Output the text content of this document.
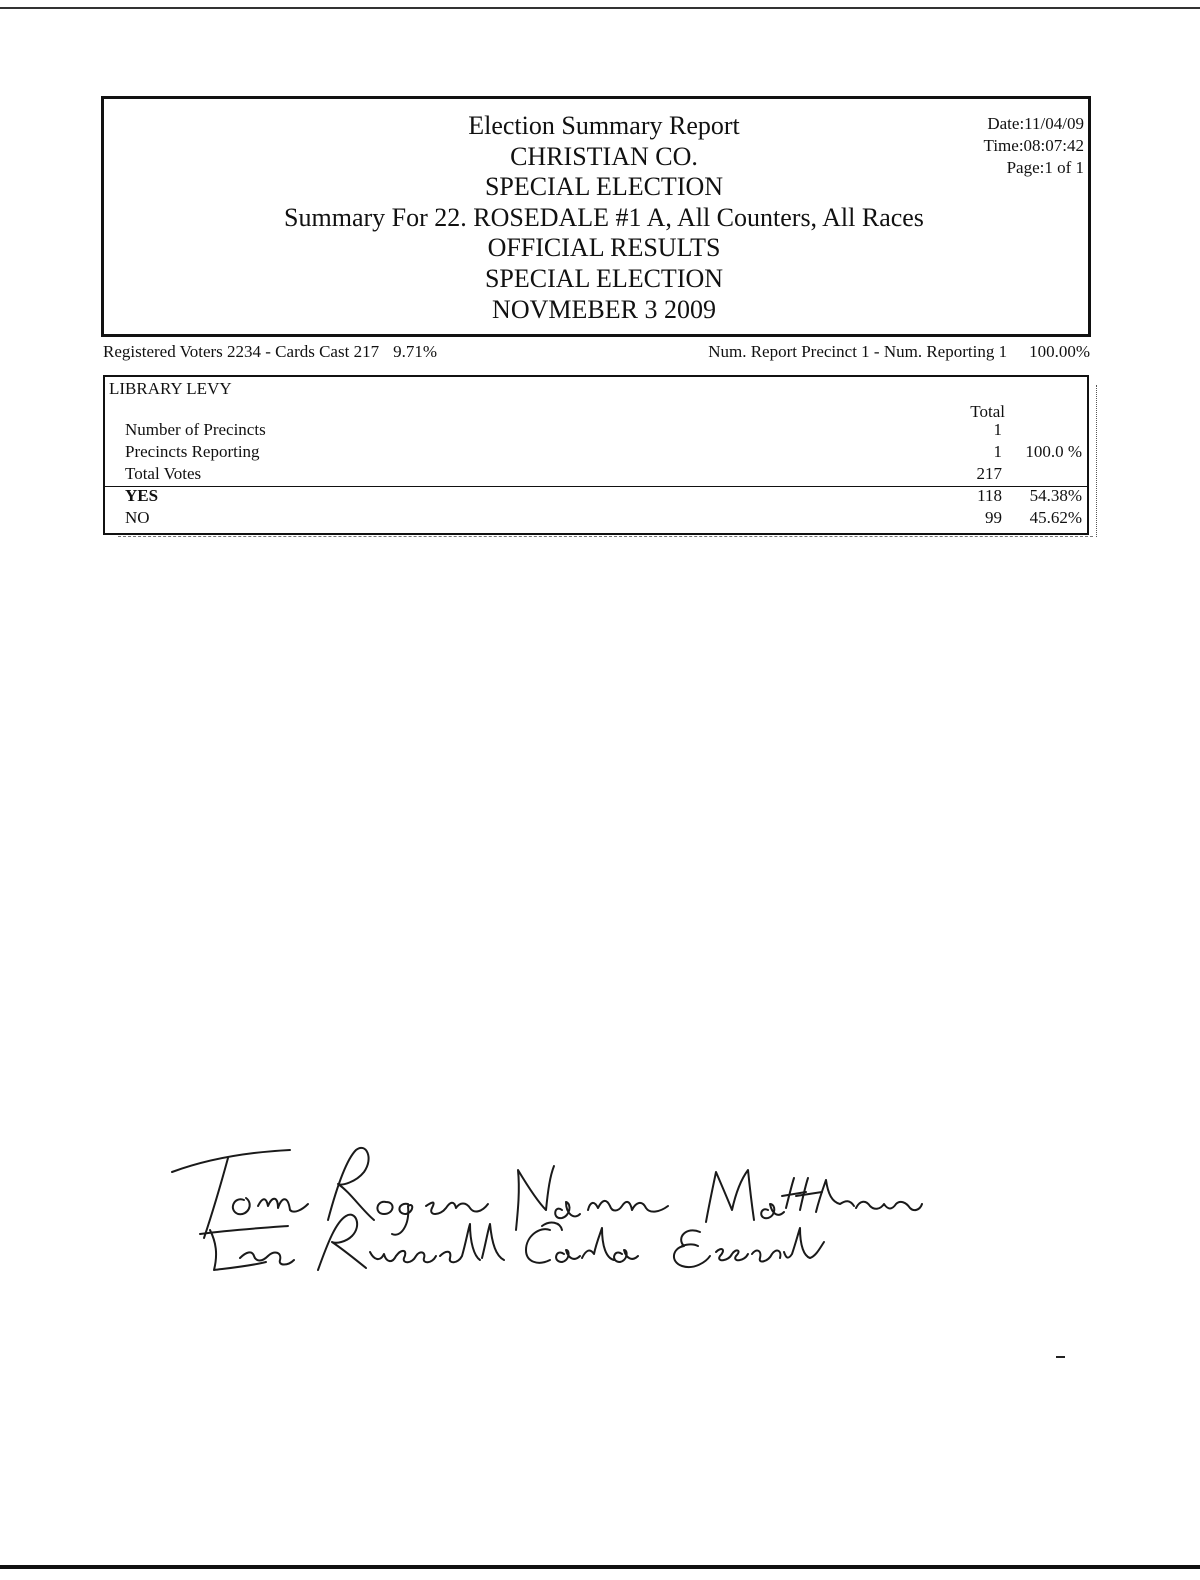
Election Summary Report
CHRISTIAN CO.
SPECIAL ELECTION
Summary For 22. ROSEDALE #1 A, All Counters, All Races
OFFICIAL RESULTS
SPECIAL ELECTION
NOVMEBER 3 2009
Date:11/04/09
Time:08:07:42
Page:1 of 1
Registered Voters 2234 - Cards Cast 217 9.71%	Num. Report Precinct 1 - Num. Reporting 1 100.00%
LIBRARY LEVY
Total
Number of Precincts	1
Precincts Reporting	1	100.0 %
Total Votes	217
YES	118	54.38%
NO	99	45.62%
